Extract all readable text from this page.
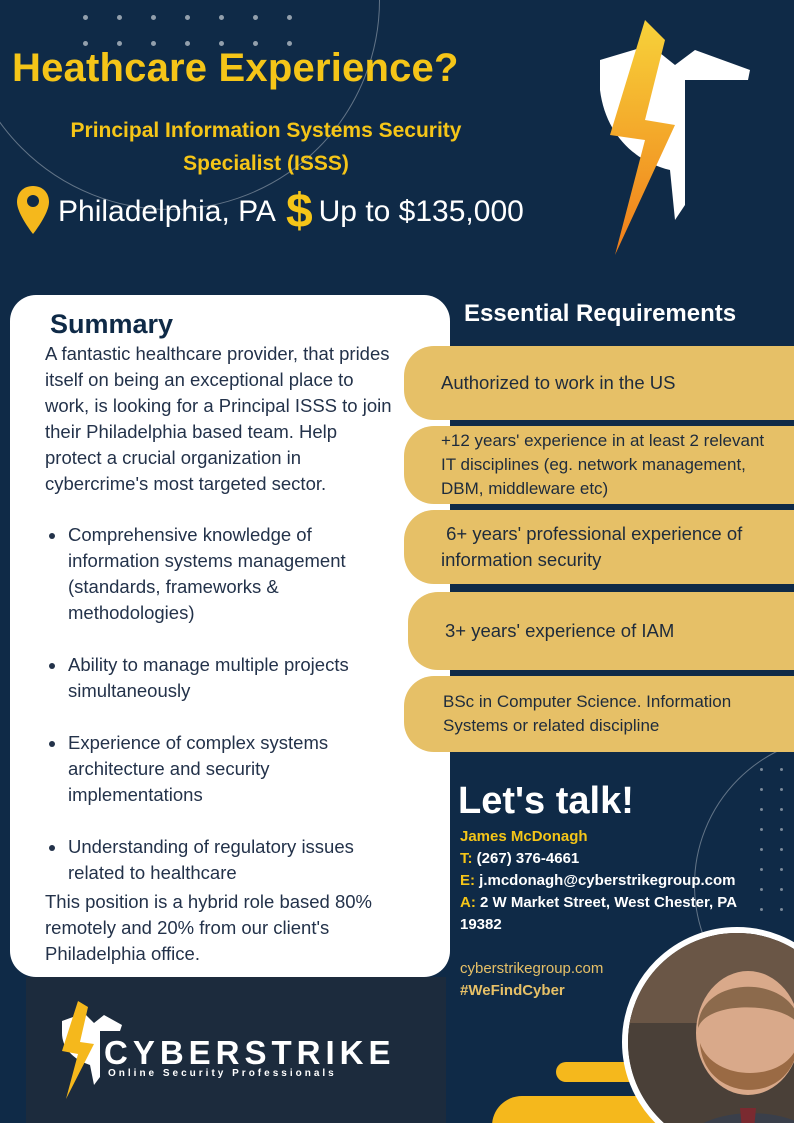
Heathcare Experience?
Principal Information Systems Security Specialist (ISSS)
Philadelphia, PA $ Up to $135,000
Summary
A fantastic healthcare provider, that prides itself on being an exceptional place to work, is looking for a Principal ISSS to join their Philadelphia based team. Help protect a crucial organization in cybercrime's most targeted sector.
Comprehensive knowledge of information systems management (standards, frameworks & methodologies)
Ability to manage multiple projects simultaneously
Experience of complex systems architecture and security implementations
Understanding of regulatory issues related to healthcare
This position is a hybrid role based 80% remotely and 20% from our client's Philadelphia office.
Essential Requirements
Authorized to work in the US
+12 years' experience in at least 2 relevant IT disciplines (eg. network management, DBM, middleware etc)
6+ years' professional experience of information security
3+ years' experience of IAM
BSc in Computer Science. Information Systems or related discipline
Let's talk!
James McDonagh
T: (267) 376-4661
E: j.mcdonagh@cyberstrikegroup.com
A: 2 W Market Street, West Chester, PA 19382
cyberstrikegroup.com
#WeFindCyber
CYBERSTRIKE
Online Security Professionals
